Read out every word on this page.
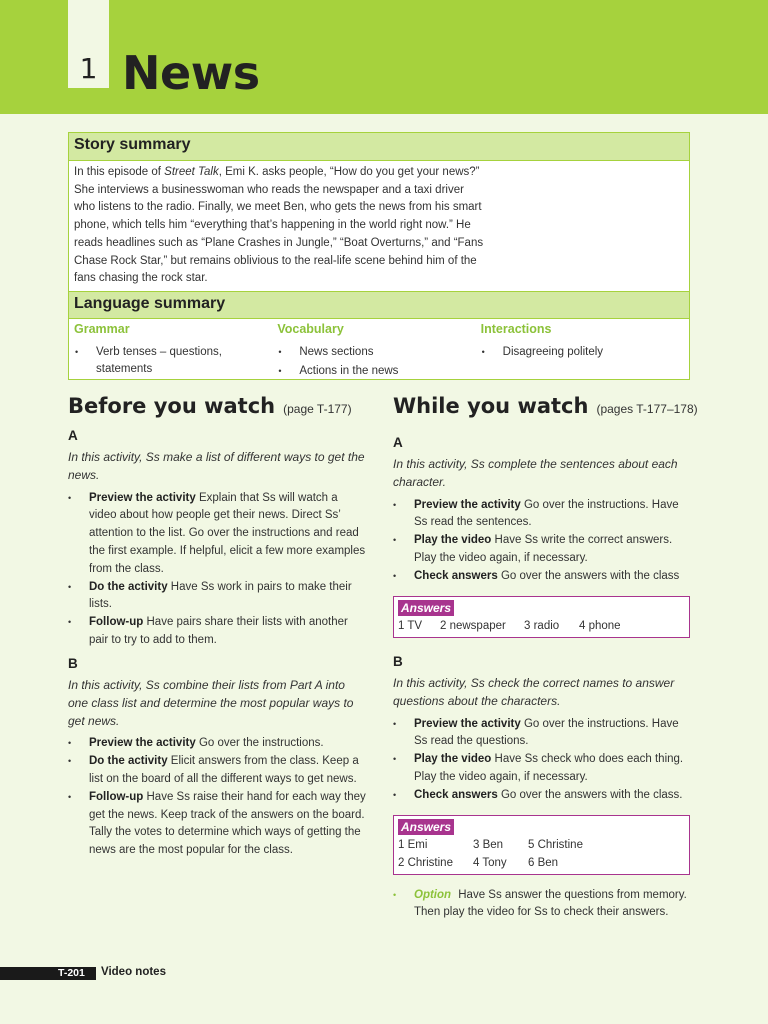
1 News
Story summary

In this episode of Street Talk, Emi K. asks people, “How do you get your news?” She interviews a businesswoman who reads the newspaper and a taxi driver who listens to the radio. Finally, we meet Ben, who gets the news from his smart phone, which tells him “everything that’s happening in the world right now.” He reads headlines such as “Plane Crashes in Jungle,” “Boat Overturns,” and “Fans Chase Rock Star,” but remains oblivious to the real-life scene behind him of the fans chasing the rock star.

Language summary
Grammar
• Verb tenses – questions, statements
Vocabulary
• News sections
• Actions in the news
Interactions
• Disagreeing politely
Before you watch (page T-177)
A

In this activity, Ss make a list of different ways to get the news.

• Preview the activity Explain that Ss will watch a video about how people get their news. Direct Ss’ attention to the list. Go over the instructions and read the first example. If helpful, elicit a few more examples from the class.
• Do the activity Have Ss work in pairs to make their lists.
• Follow-up Have pairs share their lists with another pair to try to add to them.
B

In this activity, Ss combine their lists from Part A into one class list and determine the most popular ways to get news.

• Preview the activity Go over the instructions.
• Do the activity Elicit answers from the class. Keep a list on the board of all the different ways to get news.
• Follow-up Have Ss raise their hand for each way they get the news. Keep track of the answers on the board. Tally the votes to determine which ways of getting the news are the most popular for the class.
While you watch (pages T-177–178)
A

In this activity, Ss complete the sentences about each character.

• Preview the activity Go over the instructions. Have Ss read the sentences.
• Play the video Have Ss write the correct answers. Play the video again, if necessary.
• Check answers Go over the answers with the class
Answers
1 TV 2 newspaper 3 radio 4 phone
B

In this activity, Ss check the correct names to answer questions about the characters.

• Preview the activity Go over the instructions. Have Ss read the questions.
• Play the video Have Ss check who does each thing. Play the video again, if necessary.
• Check answers Go over the answers with the class.
Answers
1 Emi	3 Ben 5 Christine
2 Christine 4 Tony 6 Ben

• Option Have Ss answer the questions from memory. Then play the video for Ss to check their answers.

T-201 Video notes
